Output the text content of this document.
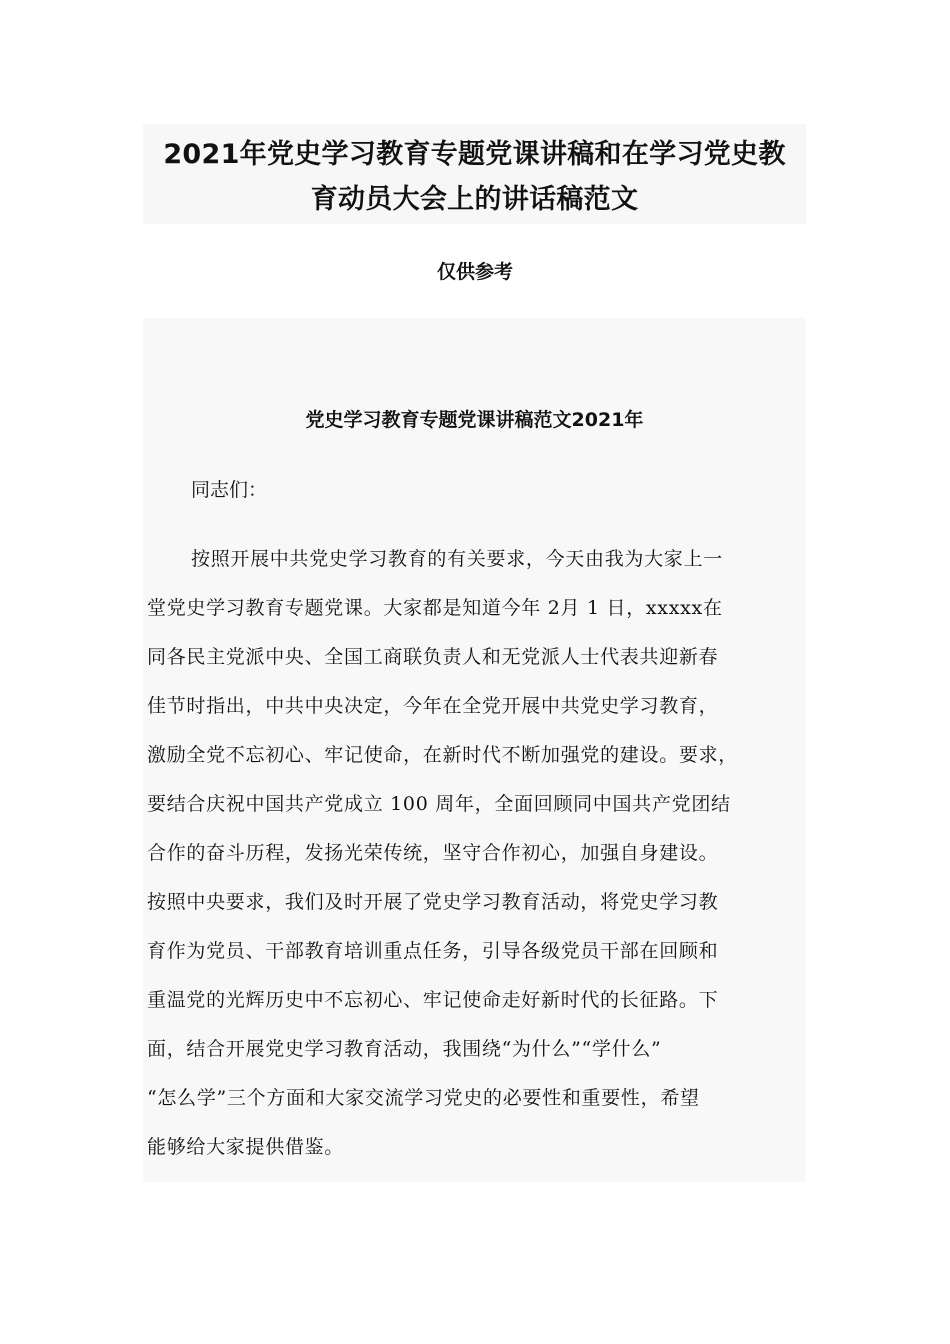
2021年党史学习教育专题党课讲稿和在学习党史教
育动员大会上的讲话稿范文
仅供参考
党史学习教育专题党课讲稿范文2021年
同志们：
按照开展中共党史学习教育的有关要求，今天由我为大家上一
堂党史学习教育专题党课。大家都是知道今年 2月 1 日，xxxxx在
同各民主党派中央、全国工商联负责人和无党派人士代表共迎新春
佳节时指出，中共中央决定，今年在全党开展中共党史学习教育，
激励全党不忘初心、牢记使命，在新时代不断加强党的建设。要求，
要结合庆祝中国共产党成立 100 周年，全面回顾同中国共产党团结
合作的奋斗历程，发扬光荣传统，坚守合作初心，加强自身建设。
按照中央要求，我们及时开展了党史学习教育活动，将党史学习教
育作为党员、干部教育培训重点任务，引导各级党员干部在回顾和
重温党的光辉历史中不忘初心、牢记使命走好新时代的长征路。下
面，结合开展党史学习教育活动，我围绕“为什么”“学什么”
“怎么学”三个方面和大家交流学习党史的必要性和重要性，希望
能够给大家提供借鉴。
